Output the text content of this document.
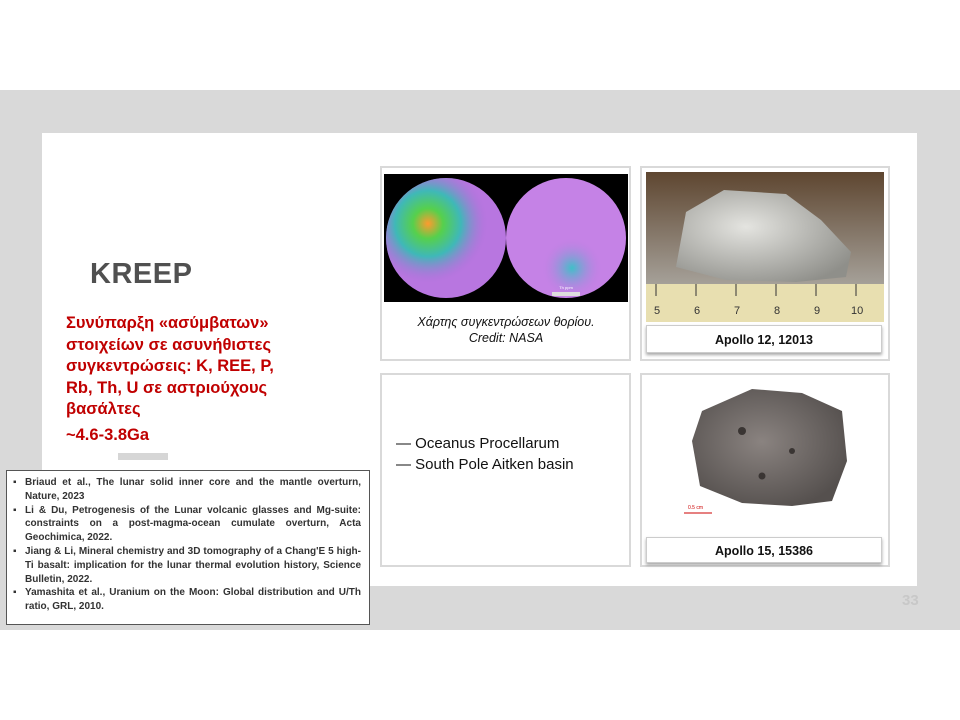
KREEP
Συνύπαρξη «ασύμβατων»
στοιχείων σε ασυνήθιστες
συγκεντρώσεις: K, REE, P,
Rb, Th, U σε αστριούχους
βασάλτες
~4.6-3.8Ga
▪ Briaud et al., The lunar solid inner core and the mantle overturn, Nature, 2023
▪ Li & Du, Petrogenesis of the Lunar volcanic glasses and Mg-suite: constraints on a post-magma-ocean cumulate overturn, Acta Geochimica, 2022.
▪ Jiang & Li, Mineral chemistry and 3D tomography of a Chang'E 5 high-Ti basalt: implication for the lunar thermal evolution history, Science Bulletin, 2022.
▪ Yamashita et al., Uranium on the Moon: Global distribution and U/Th ratio, GRL, 2010.
Th ppm
Χάρτης συγκεντρώσεων θορίου.
Credit: NASA
5	6	7	8	9	10
Apollo 12, 12013
— Oceanus Procellarum
— South Pole Aitken basin
0.5 cm
Apollo 15, 15386
33
